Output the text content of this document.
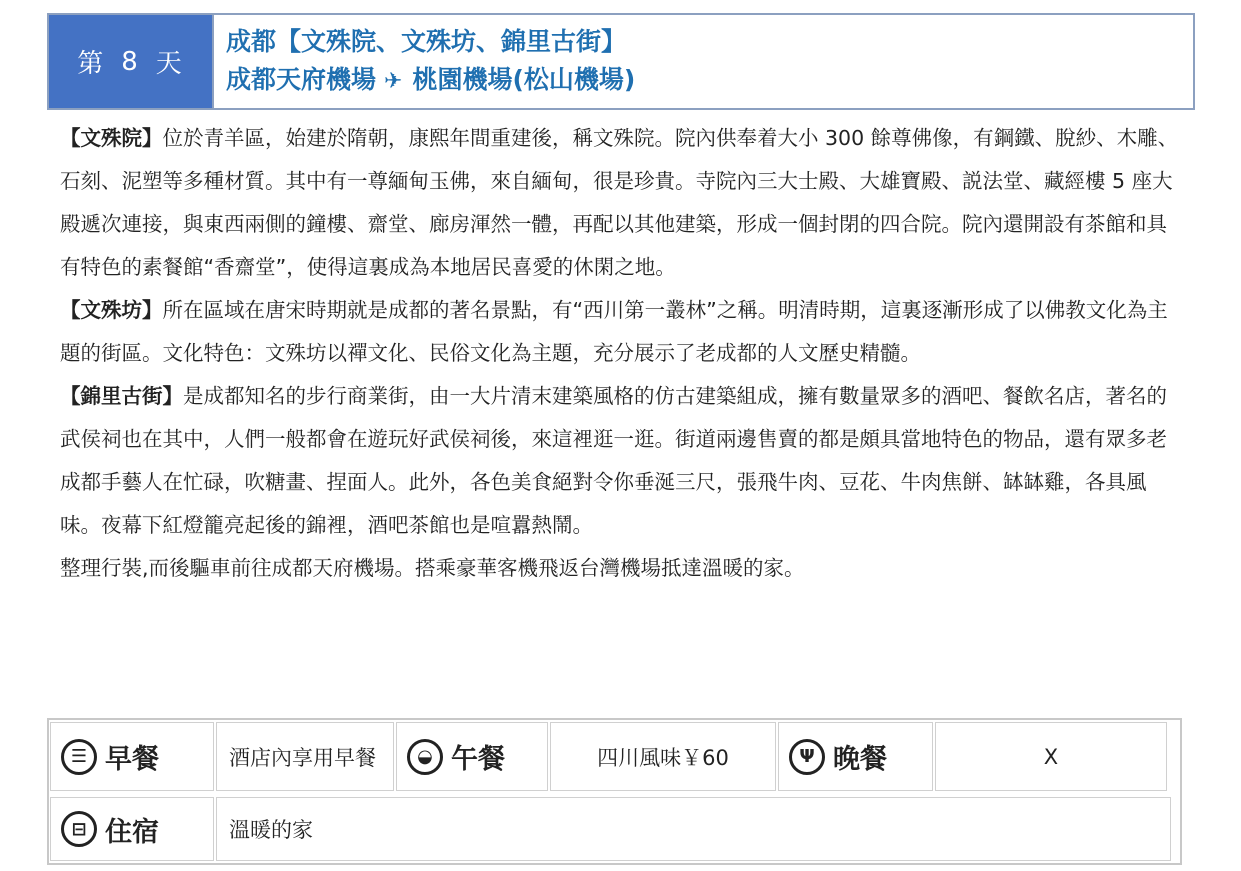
第 8 天
成都【文殊院、文殊坊、錦里古街】
成都天府機場 ✈ 桃園機場(松山機場)

【文殊院】位於青羊區，始建於隋朝，康熙年間重建後，稱文殊院。院內供奉着大小 300 餘尊佛像，有鋼鐵、脫紗、木雕、石刻、泥塑等多種材質。其中有一尊緬甸玉佛，來自緬甸，很是珍貴。寺院內三大士殿、大雄寶殿、説法堂、藏經樓 5 座大殿遞次連接，與東西兩側的鐘樓、齋堂、廊房渾然一體，再配以其他建築，形成一個封閉的四合院。院內還開設有茶館和具有特色的素餐館“香齋堂”，使得這裏成為本地居民喜愛的休閑之地。

【文殊坊】所在區域在唐宋時期就是成都的著名景點，有“西川第一叢林”之稱。明清時期，這裏逐漸形成了以佛教文化為主題的街區。文化特色：文殊坊以禪文化、民俗文化為主題，充分展示了老成都的人文歷史精髓。

【錦里古街】是成都知名的步行商業街，由一大片清末建築風格的仿古建築組成，擁有數量眾多的酒吧、餐飲名店，著名的武侯祠也在其中，人們一般都會在遊玩好武侯祠後，來這裡逛一逛。街道兩邊售賣的都是頗具當地特色的物品，還有眾多老成都手藝人在忙碌，吹糖畫、捏面人。此外，各色美食絕對令你垂涎三尺，張飛牛肉、豆花、牛肉焦餅、缽缽雞，各具風味。夜幕下紅燈籠亮起後的錦裡，酒吧茶館也是喧囂熱鬧。

整理行裝,而後驅車前往成都天府機場。搭乘豪華客機飛返台灣機場抵達溫暖的家。

☰ 早餐	酒店內享用早餐	◒ 午餐	四川風味￥60	Ψ 晚餐	X
⊟ 住宿	溫暖的家
